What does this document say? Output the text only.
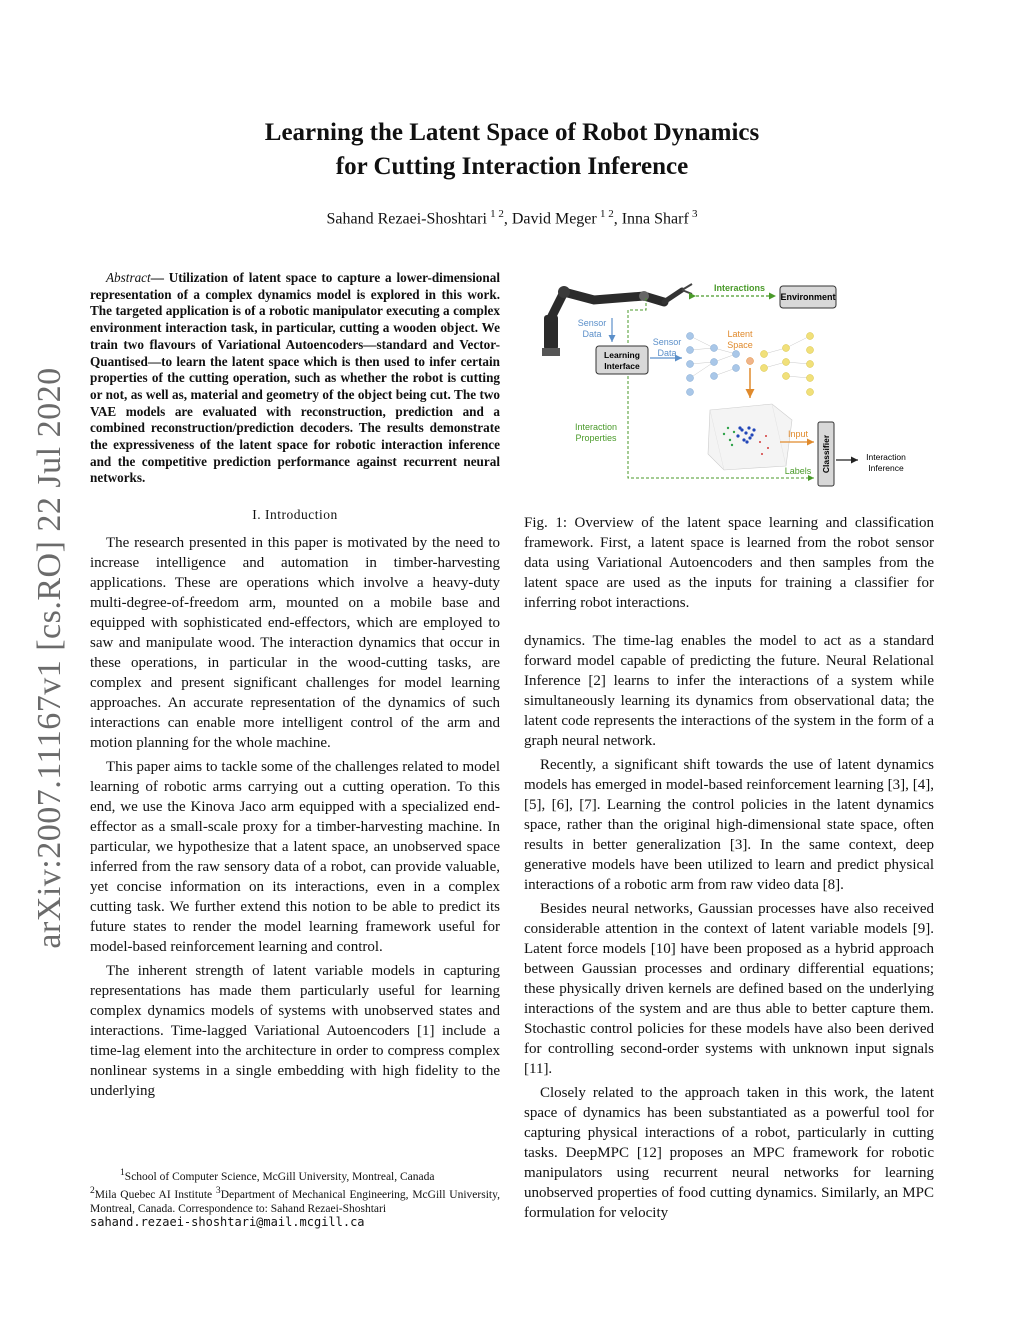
arXiv:2007.11167v1 [cs.RO] 22 Jul 2020
Learning the Latent Space of Robot Dynamics
for Cutting Interaction Inference
Sahand Rezaei-Shoshtari  $^{1 2}$, David Meger  $^{1 2}$, Inna Sharf  $^3$

Abstract— Utilization of latent space to capture a lower-dimensional representation of a complex dynamics model is explored in this work. The targeted application is of a robotic manipulator executing a complex environment interaction task, in particular, cutting a wooden object. We train two flavours of Variational Autoencoders—standard and Vector-Quantised—to learn the latent space which is then used to infer certain properties of the cutting operation, such as whether the robot is cutting or not, as well as, material and geometry of the object being cut. The two VAE models are evaluated with reconstruction, prediction and a combined reconstruction/prediction decoders. The results demonstrate the expressiveness of the latent space for robotic interaction inference and the competitive prediction performance against recurrent neural networks.

I. Introduction

The research presented in this paper is motivated by the need to increase intelligence and automation in timber-harvesting applications. These are operations which involve a heavy-duty multi-degree-of-freedom arm, mounted on a mobile base and equipped with sophisticated end-effectors, which are employed to saw and manipulate wood. The interaction dynamics that occur in these operations, in particular in the wood-cutting tasks, are complex and present significant challenges for model learning approaches. An accurate representation of the dynamics of such interactions can enable more intelligent control of the arm and motion planning for the whole machine.

This paper aims to tackle some of the challenges related to model learning of robotic arms carrying out a cutting operation. To this end, we use the Kinova Jaco arm equipped with a specialized end-effector as a small-scale proxy for a timber-harvesting machine. In particular, we hypothesize that a latent space, an unobserved space inferred from the raw sensory data of a robot, can provide valuable, yet concise information on its interactions, even in a complex cutting task. We further extend this notion to be able to predict its future states to render the model learning framework useful for model-based reinforcement learning and control.

The inherent strength of latent variable models in capturing representations has made them particularly useful for learning complex dynamics models of systems with unobserved states and interactions. Time-lagged Variational Autoencoders [1] include a time-lag element into the architecture in order to compress complex nonlinear systems in a single embedding with high fidelity to the underlying

$^1$School of Computer Science, McGill University, Montreal, Canada

$^2$Mila Quebec AI Institute $^3$Department of Mechanical Engineering, McGill University, Montreal, Canada. Correspondence to: Sahand Rezaei-Shoshtari

sahand.rezaei-shoshtari@mail.mcgill.ca

Interactions
Environment
Sensor
Data
Learning
Interface
Sensor
Data
Latent
Space
Interaction
Properties
Labels
Input
Classifier	Interaction
Inference

Fig. 1: Overview of the latent space learning and classification framework. First, a latent space is learned from the robot sensor data using Variational Autoencoders and then samples from the latent space are used as the inputs for training a classifier for inferring robot interactions.

dynamics. The time-lag enables the model to act as a standard forward model capable of predicting the future. Neural Relational Inference [2] learns to infer the interactions of a system while simultaneously learning its dynamics from observational data; the latent code represents the interactions of the system in the form of a graph neural network.

Recently, a significant shift towards the use of latent dynamics models has emerged in model-based reinforcement learning [3], [4], [5], [6], [7]. Learning the control policies in the latent dynamics space, rather than the original high-dimensional state space, often results in better generalization [3]. In the same context, deep generative models have been utilized to learn and predict physical interactions of a robotic arm from raw video data [8].

Besides neural networks, Gaussian processes have also received considerable attention in the context of latent variable models [9]. Latent force models [10] have been proposed as a hybrid approach between Gaussian processes and ordinary differential equations; these physically driven kernels are defined based on the underlying interactions of the system and are thus able to better capture them. Stochastic control policies for these models have also been derived for controlling second-order systems with unknown input signals [11].

Closely related to the approach taken in this work, the latent space of dynamics has been substantiated as a powerful tool for capturing physical interactions of a robot, particularly in cutting tasks. DeepMPC [12] proposes an MPC framework for robotic manipulators using recurrent neural networks for learning unobserved properties of food cutting dynamics. Similarly, an MPC formulation for velocity
